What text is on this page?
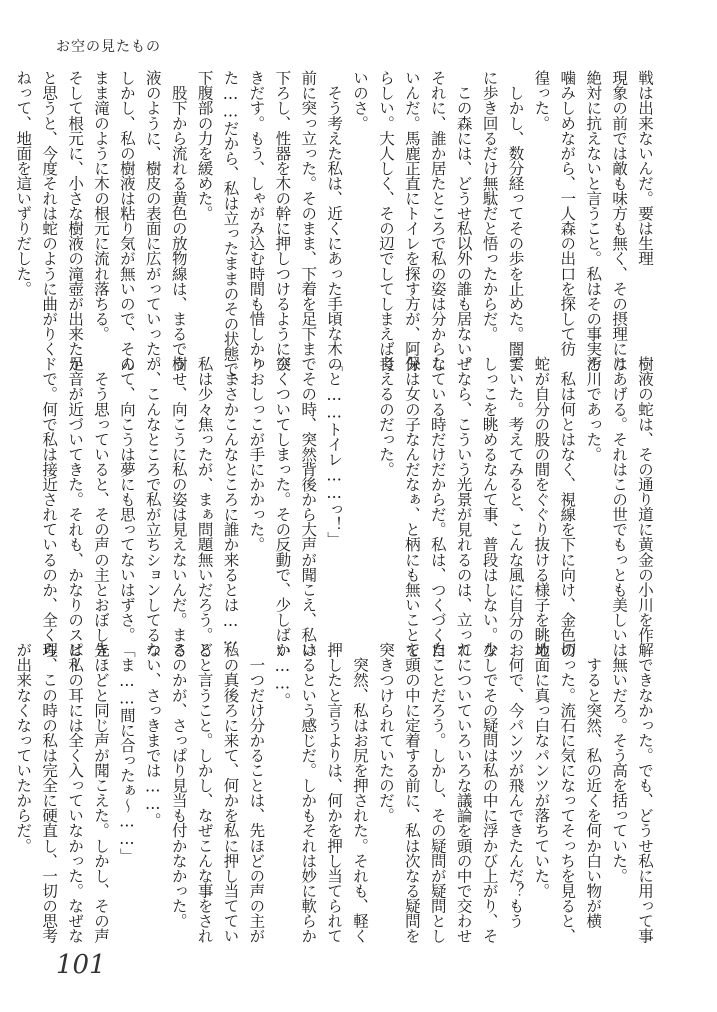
お空の見たもの

戦は出来ないんだ。要は生理

現象の前では敵も味方も無く、その摂理には

絶対に抗えないと言うこと。私はその事実を

噛みしめながら、一人森の出口を探して彷

徨った。

　しかし、数分経ってその歩を止めた。闇雲

に歩き回るだけ無駄だと悟ったからだ。

　この森には、どうせ私以外の誰も居ない。

それに、誰か居たところで私の姿は分からな

いんだ。馬鹿正直にトイレを探す方が、阿保

らしい。大人しく、その辺でしてしまえば良

いのさ。

　そう考えた私は、近くにあった手頃な木の

前に突っ立った。そのまま、下着を足下まで

下ろし、性器を木の幹に押しつけるように突

きだす。もう、しゃがみ込む時間も惜しかっ

た……だから、私は立ったままのその状態で、

下腹部の力を緩めた。

　股下から流れる黄色の放物線は、まるで樹

液のように、樹皮の表面に広がっていった。

しかし、私の樹液は粘り気が無いので、その

まま滝のように木の根元に流れ落ちる。

そして根元に、小さな樹液の滝壺が出来たか

と思うと、今度それは蛇のように曲がりく

ねって、地面を這いずりだした。

樹液の蛇は、その通り道に黄金の小川を作

りあげる。それはこの世でもっとも美しい

汚川であった。

　私は何とはなく、視線を下に向け、金色の

蛇が自分の股の間をぐぐり抜ける様子を眺め

ていた。考えてみると、こんな風に自分のお

しっこを眺めるなんて事、普段はしない。な

ぜなら、こういう光景が見れるのは、立って

している時だけだからだ。私は、つくづく自

分は女の子なんだなぁ、と柄にも無いことを

考えるのだった。

「と……トイレ……っ！」

　その時、突然背後から大声が聞こえ、私は

びくついてしまった。その反動で、少しばか

りおしっこが手にかかった。

　まさかこんなところに誰か来るとは……。

私は少々焦ったが、まぁ問題無いだろう。ど

うせ、向こうに私の姿は見えないんだ。まさ

か、こんなところで私が立ちションしてるな

んて、向こうは夢にも思ってないはずさ。

　そう思っていると、その声の主とおぼしき

足音が近づいてきた。それも、かなりのスピー

ドで。何で私は接近されているのか、全く理

解できなかった。でも、どうせ私に用って事

は無いだろ。そう高を括っていた。

　すると突然、私の近くを何か白い物が横

切った。流石に気になってそっちを見ると、

地面に真っ白なパンツが落ちていた。

　何で、今パンツが飛んできたんだ？もう

少しでその疑問は私の中に浮かび上がり、そ

れについていろいろな議論を頭の中で交わせ

たことだろう。しかし、その疑問が疑問とし

て頭の中に定着する前に、私は次なる疑問を

突きつけられていたのだ。

　突然、私はお尻を押された。それも、軽く

押したと言うよりは、何かを押し当てられて

いるという感じだ。しかもそれは妙に軟らか

い……。

　一つだけ分かることは、先ほどの声の主が

私の真後ろに来て、何かを私に押し当ててい

ると言うこと。しかし、なぜこんな事をされ

るのかが、さっぱり見当も付かなかった。

つい、さっきまでは……。

「ま……間に合ったぁ〜……」

先ほどと同じ声が聞こえた。しかし、その声

は私の耳には全く入っていなかった。なぜな

ら、この時の私は完全に硬直し、一切の思考

が出来なくなっていたからだ。

101
